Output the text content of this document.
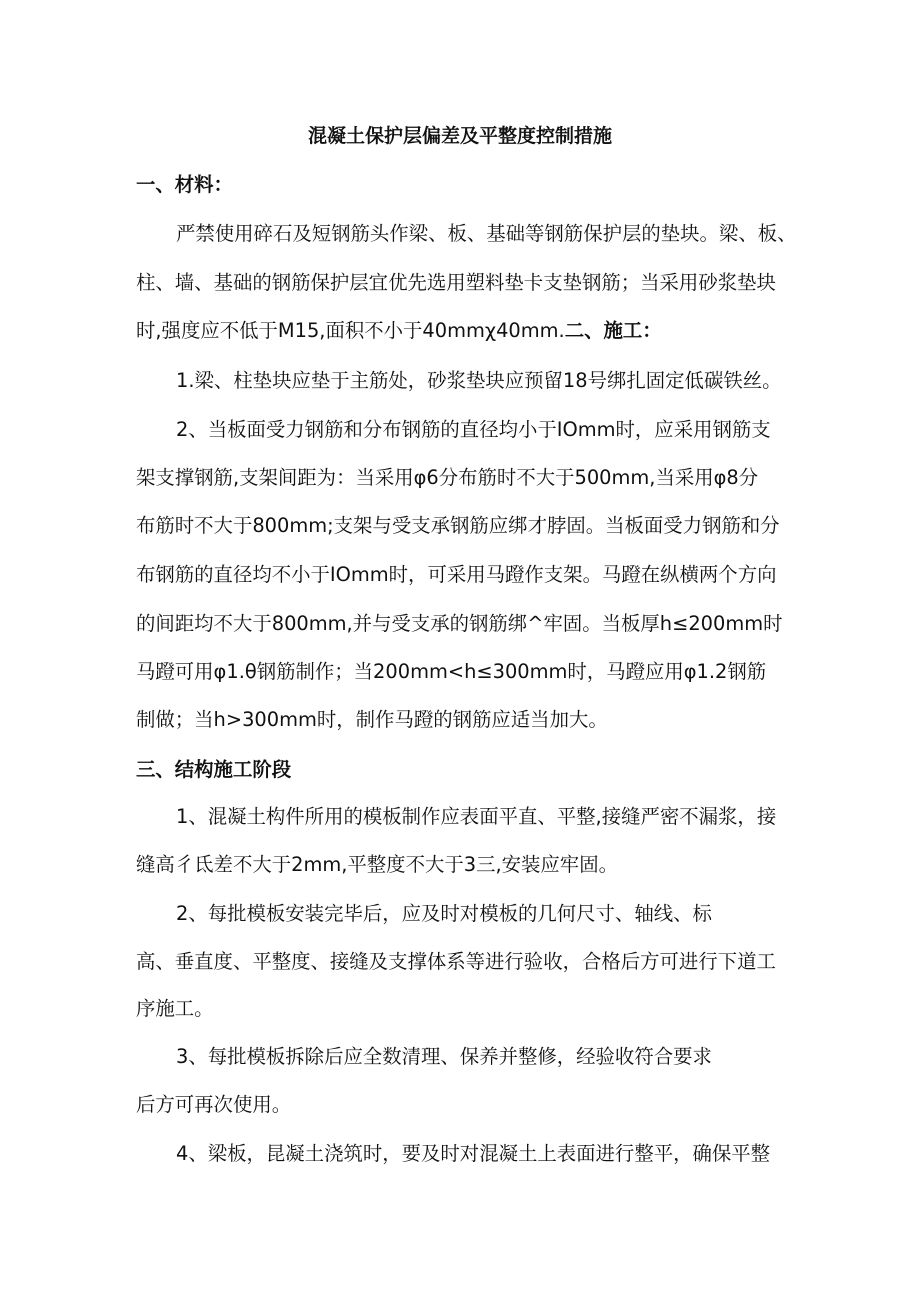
混凝土保护层偏差及平整度控制措施
一、材料：
严禁使用碎石及短钢筋头作梁、板、基础等钢筋保护层的垫块。梁、板、
柱、墙、基础的钢筋保护层宜优先选用塑料垫卡支垫钢筋；当采用砂浆垫块
时,强度应不低于M15,面积不小于40mmχ40mm.二、施工：
1.梁、柱垫块应垫于主筋处，砂浆垫块应预留18号绑扎固定低碳铁丝。
2、当板面受力钢筋和分布钢筋的直径均小于IOmm时，应采用钢筋支
架支撑钢筋,支架间距为：当采用φ6分布筋时不大于500mm,当采用φ8分
布筋时不大于800mm;支架与受支承钢筋应绑才脖固。当板面受力钢筋和分
布钢筋的直径均不小于IOmm时，可采用马蹬作支架。马蹬在纵横两个方向
的间距均不大于800mm,并与受支承的钢筋绑^牢固。当板厚h≤200mm时
马蹬可用φ1.θ钢筋制作；当200mm<h≤300mm时，马蹬应用φ1.2钢筋
制做；当h>300mm时，制作马蹬的钢筋应适当加大。
三、结构施工阶段
1、混凝土构件所用的模板制作应表面平直、平整,接缝严密不漏浆，接
缝高彳氐差不大于2mm,平整度不大于3三,安装应牢固。
2、每批模板安装完毕后，应及时对模板的几何尺寸、轴线、标
高、垂直度、平整度、接缝及支撑体系等进行验收，合格后方可进行下道工
序施工。
3、每批模板拆除后应全数清理、保养并整修，经验收符合要求
后方可再次使用。
4、梁板，昆凝土浇筑时，要及时对混凝土上表面进行整平，确保平整
